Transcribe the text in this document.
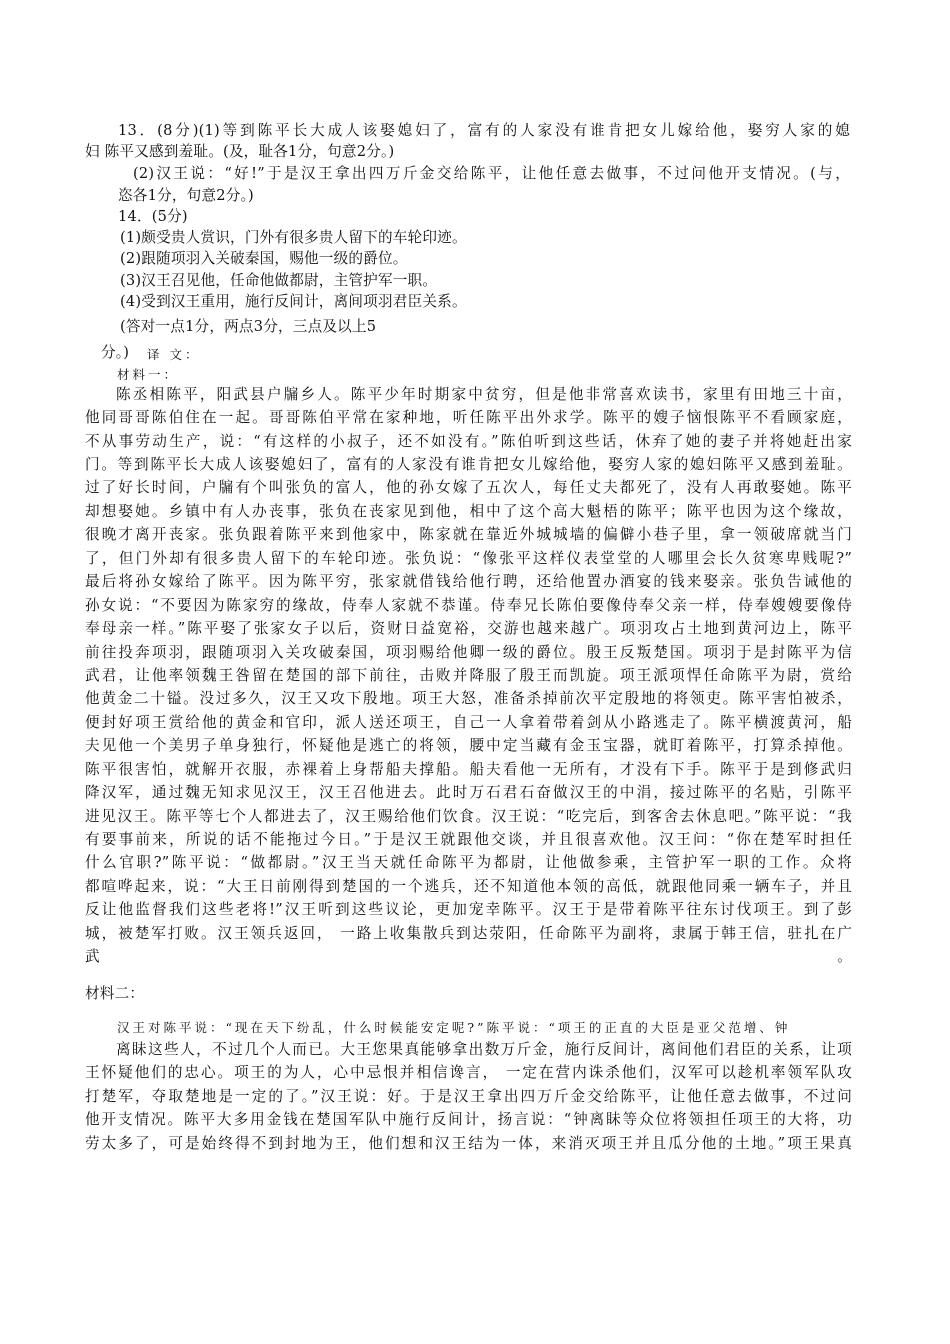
13．(8分)(1)等到陈平长大成人该娶媳妇了，富有的人家没有谁肯把女儿嫁给他，娶穷人家的媳
妇 陈平又感到羞耻。(及，耻各1分，句意2分。)
(2)汉王说：“好!”于是汉王拿出四万斤金交给陈平，让他任意去做事，不过问他开支情况。(与，
恣各1分，句意2分。)
14．(5分)
(1)颇受贵人赏识，门外有很多贵人留下的车轮印迹。
(2)跟随项羽入关破秦国，赐他一级的爵位。
(3)汉王召见他，任命他做都尉，主管护军一职。
(4)受到汉王重用，施行反间计，离间项羽君臣关系。
(答对一点1分，两点3分，三点及以上5
分。) 译 文：
材料一：
陈丞相陈平，阳武县户牖乡人。陈平少年时期家中贫穷，但是他非常喜欢读书，家里有田地三十亩，
他同哥哥陈伯住在一起。哥哥陈伯平常在家种地，听任陈平出外求学。陈平的嫂子恼恨陈平不看顾家庭，
不从事劳动生产，说：“有这样的小叔子，还不如没有。”陈伯听到这些话，休弃了她的妻子并将她赶出家
门。等到陈平长大成人该娶媳妇了，富有的人家没有谁肯把女儿嫁给他，娶穷人家的媳妇陈平又感到羞耻。
过了好长时间，户牖有个叫张负的富人，他的孙女嫁了五次人，每任丈夫都死了，没有人再敢娶她。陈平
却想娶她。乡镇中有人办丧事，张负在丧家见到他，相中了这个高大魁梧的陈平；陈平也因为这个缘故，
很晚才离开丧家。张负跟着陈平来到他家中，陈家就在靠近外城城墙的偏僻小巷子里，拿一领破席就当门
了，但门外却有很多贵人留下的车轮印迹。张负说：“像张平这样仪表堂堂的人哪里会长久贫寒卑贱呢?”
最后将孙女嫁给了陈平。因为陈平穷，张家就借钱给他行聘，还给他置办酒宴的钱来娶亲。张负告诫他的
孙女说：“不要因为陈家穷的缘故，侍奉人家就不恭谨。侍奉兄长陈伯要像侍奉父亲一样，侍奉嫂嫂要像侍
奉母亲一样。”陈平娶了张家女子以后，资财日益宽裕，交游也越来越广。项羽攻占土地到黄河边上，陈平
前往投奔项羽，跟随项羽入关攻破秦国，项羽赐给他卿一级的爵位。殷王反叛楚国。项羽于是封陈平为信
武君，让他率领魏王咎留在楚国的部下前往，击败并降服了殷王而凯旋。项王派项悍任命陈平为尉，赏给
他黄金二十镒。没过多久，汉王又攻下殷地。项王大怒，准备杀掉前次平定殷地的将领吏。陈平害怕被杀，
便封好项王赏给他的黄金和官印，派人送还项王，自己一人拿着带着剑从小路逃走了。陈平横渡黄河，船
夫见他一个美男子单身独行，怀疑他是逃亡的将领，腰中定当藏有金玉宝器，就盯着陈平，打算杀掉他。
陈平很害怕，就解开衣服，赤裸着上身帮船夫撑船。船夫看他一无所有，才没有下手。陈平于是到修武归
降汉军，通过魏无知求见汉王，汉王召他进去。此时万石君石奋做汉王的中涓，接过陈平的名贴，引陈平
进见汉王。陈平等七个人都进去了，汉王赐给他们饮食。汉王说：“吃完后，到客舍去休息吧。”陈平说：“我
有要事前来，所说的话不能拖过今日。”于是汉王就跟他交谈，并且很喜欢他。汉王问：“你在楚军时担任
什么官职?”陈平说：“做都尉。”汉王当天就任命陈平为都尉，让他做参乘，主管护军一职的工作。众将
都喧哗起来，说：“大王日前刚得到楚国的一个逃兵，还不知道他本领的高低，就跟他同乘一辆车子，并且
反让他监督我们这些老将!”汉王听到这些议论，更加宠幸陈平。汉王于是带着陈平往东讨伐项王。到了彭
城，被楚军打败。汉王领兵返回， 一路上收集散兵到达荥阳，任命陈平为副将，隶属于韩王信，驻扎在广
武。
材料二：
汉王对陈平说：“现在天下纷乱，什么时候能安定呢?”陈平说：“项王的正直的大臣是亚父范增、钟
离眛这些人，不过几个人而已。大王您果真能够拿出数万斤金，施行反间计，离间他们君臣的关系，让项
王怀疑他们的忠心。项王的为人，心中忌恨并相信谗言， 一定在营内诛杀他们，汉军可以趁机率领军队攻
打楚军，夺取楚地是一定的了。”汉王说：好。于是汉王拿出四万斤金交给陈平，让他任意去做事，不过问
他开支情况。陈平大多用金钱在楚国军队中施行反间计，扬言说：“钟离眛等众位将领担任项王的大将，功
劳太多了，可是始终得不到封地为王，他们想和汉王结为一体，来消灭项王并且瓜分他的土地。”项王果真
